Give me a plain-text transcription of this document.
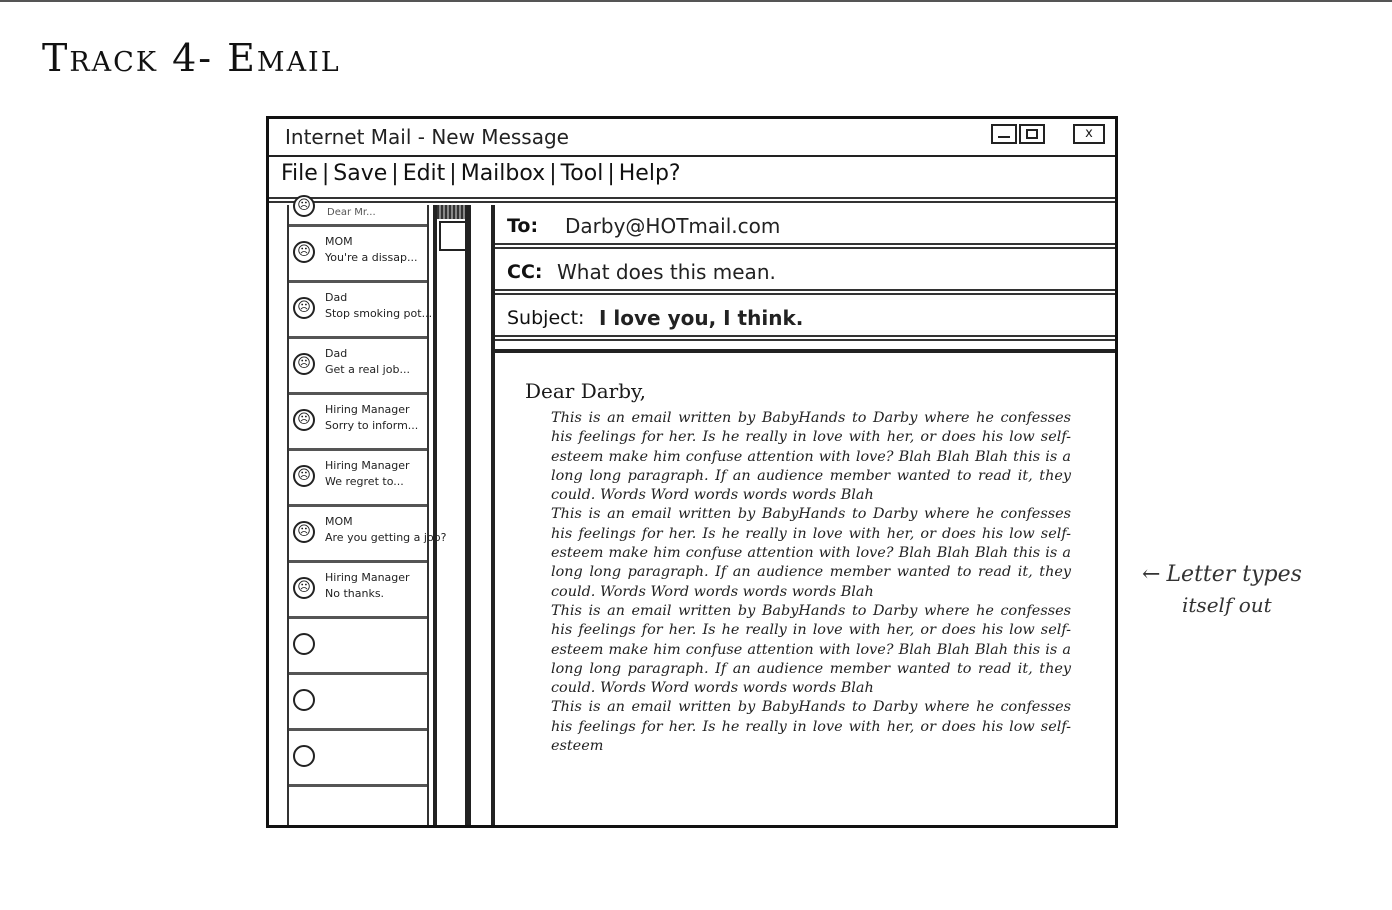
Track 4- Email
Internet Mail - New Message	x
File | Save | Edit | Mailbox | Tool | Help?
☹	Dear Mr...
☹
MOM
You're a dissap...
☹
Dad
Stop smoking pot...
☹
Dad
Get a real job...
☹
Hiring Manager
Sorry to inform...
☹
Hiring Manager
We regret to...
☹
MOM
Are you getting a job?
☹
Hiring Manager
No thanks.
To: Darby@HOTmail.com
CC: What does this mean.
Subject: I love you, I think.
Dear Darby,

This is an email written by BabyHands to Darby where he confesses his feelings for her. Is he really in love with her, or does his low self-esteem make him confuse attention with love? Blah Blah Blah this is a long long paragraph. If an audience member wanted to read it, they could. Words Word words words words Blah

This is an email written by BabyHands to Darby where he confesses his feelings for her. Is he really in love with her, or does his low self-esteem make him confuse attention with love? Blah Blah Blah this is a long long paragraph. If an audience member wanted to read it, they could. Words Word words words words Blah

This is an email written by BabyHands to Darby where he confesses his feelings for her. Is he really in love with her, or does his low self-esteem make him confuse attention with love? Blah Blah Blah this is a long long paragraph. If an audience member wanted to read it, they could. Words Word words words words Blah

This is an email written by BabyHands to Darby where he confesses his feelings for her. Is he really in love with her, or does his low self-esteem

← Letter types
itself out
